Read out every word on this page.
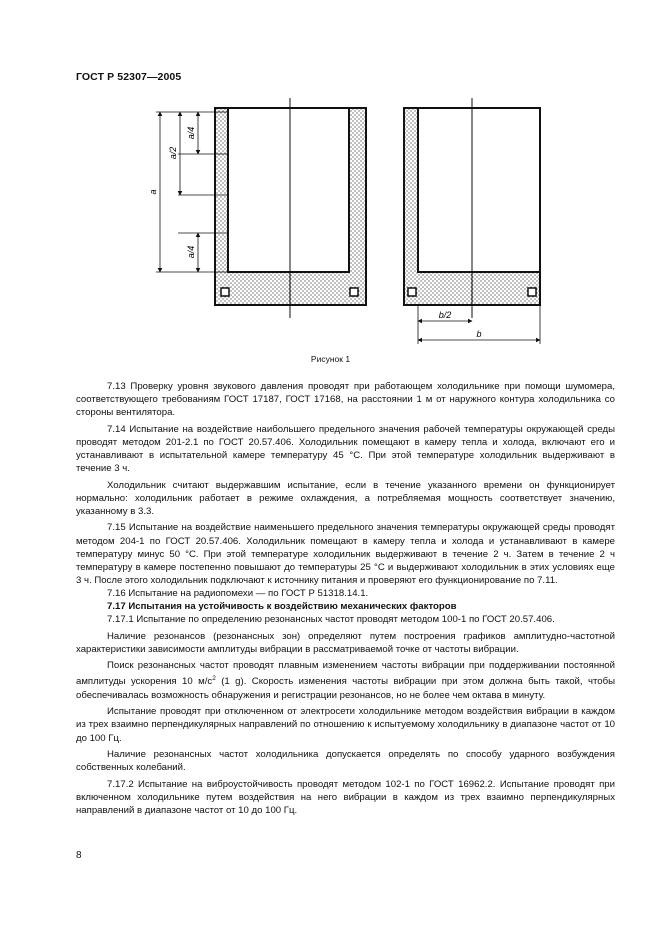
ГОСТ Р 52307—2005
a
a/2
a/4
a/4
b/2
b
Рисунок 1

7.13 Проверку уровня звукового давления проводят при работающем холодильнике при помощи шумомера, соответствующего требованиям ГОСТ 17187, ГОСТ 17168, на расстоянии 1 м от наружного контура холодильника со стороны вентилятора.

7.14 Испытание на воздействие наибольшего предельного значения рабочей температуры окружающей среды проводят методом 201-2.1 по ГОСТ 20.57.406. Холодильник помещают в камеру тепла и холода, включают его и устанавливают в испытательной камере температуру 45 °С. При этой температуре холодильник выдерживают в течение 3 ч.

Холодильник считают выдержавшим испытание, если в течение указанного времени он функционирует нормально: холодильник работает в режиме охлаждения, а потребляемая мощность соответствует значению, указанному в 3.3.

7.15 Испытание на воздействие наименьшего предельного значения температуры окружающей среды проводят методом 204-1 по ГОСТ 20.57.406. Холодильник помещают в камеру тепла и холода и устанавливают в камере температуру минус 50 °С. При этой температуре холодильник выдерживают в течение 2 ч. Затем в течение 2 ч температуру в камере постепенно повышают до температуры 25 °С и выдерживают холодильник в этих условиях еще 3 ч. После этого холодильник подключают к источнику питания и проверяют его функционирование по 7.11.

7.16 Испытание на радиопомехи — по ГОСТ Р 51318.14.1.

7.17 Испытания на устойчивость к воздействию механических факторов

7.17.1 Испытание по определению резонансных частот проводят методом 100-1 по ГОСТ 20.57.406.

Наличие резонансов (резонансных зон) определяют путем построения графиков амплитудно-частотной характеристики зависимости амплитуды вибрации в рассматриваемой точке от частоты вибрации.

Поиск резонансных частот проводят плавным изменением частоты вибрации при поддерживании постоянной амплитуды ускорения 10 $м/с^2$ (1 g). Скорость изменения частоты вибрации при этом должна быть такой, чтобы обеспечивалась возможность обнаружения и регистрации резонансов, но не более чем октава в минуту.

Испытание проводят при отключенном от электросети холодильнике методом воздействия вибрации в каждом из трех взаимно перпендикулярных направлений по отношению к испытуемому холодильнику в диапазоне частот от 10 до 100 Гц.

Наличие резонансных частот холодильника допускается определять по способу ударного возбуждения собственных колебаний.

7.17.2 Испытание на виброустойчивость проводят методом 102-1 по ГОСТ 16962.2. Испытание проводят при включенном холодильнике путем воздействия на него вибрации в каждом из трех взаимно перпендикулярных направлений в диапазоне частот от 10 до 100 Гц.

8
